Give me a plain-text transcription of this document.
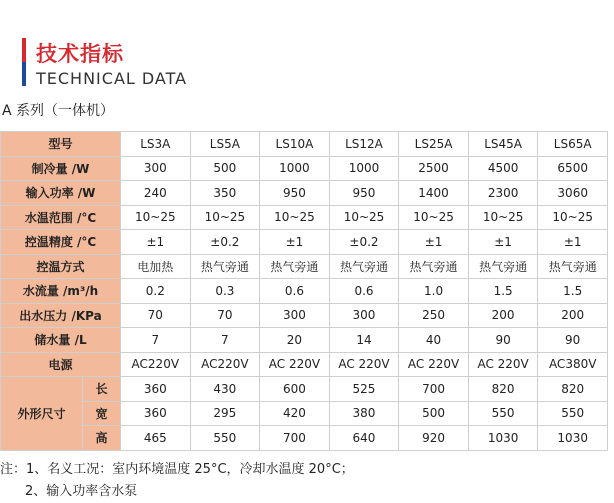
技术指标
TECHNICAL DATA
A 系列（一体机）
型号		LS3A	LS5A	LS10A	LS12A	LS25A	LS45A	LS65A
制冷量 /W		300	500	1000	1000	2500	4500	6500
输入功率 /W		240	350	950	950	1400	2300	3060
水温范围 /°C		10~25	10~25	10~25	10~25	10~25	10~25	10~25
控温精度 /°C		±1	±0.2	±1	±0.2	±1	±1	±1
控温方式		电加热	热气旁通	热气旁通	热气旁通	热气旁通	热气旁通	热气旁通
水流量 /m³/h		0.2	0.3	0.6	0.6	1.0	1.5	1.5
出水压力 /KPa		70	70	300	300	250	200	200
储水量 /L		7	7	20	14	40	90	90
电源		AC220V	AC220V	AC 220V	AC 220V	AC 220V	AC 220V	AC380V
外形尺寸	长	360	430	600	525	700	820	820
	宽	360	295	420	380	500	550	550
	高	465	550	700	640	920	1030	1030
注：1、名义工况：室内环境温度 25°C，冷却水温度 20°C；
2、输入功率含水泵
